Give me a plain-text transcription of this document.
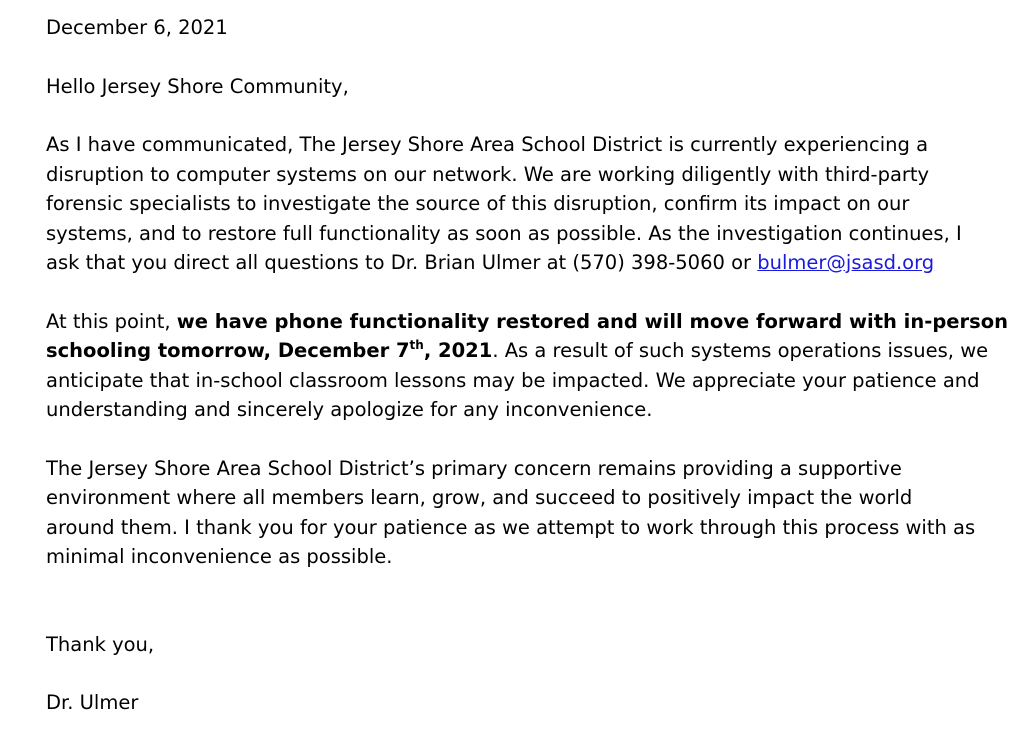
December 6, 2021
Hello Jersey Shore Community,
As I have communicated, The Jersey Shore Area School District is currently experiencing a
disruption to computer systems on our network. We are working diligently with third-party
forensic specialists to investigate the source of this disruption, confirm its impact on our
systems, and to restore full functionality as soon as possible. As the investigation continues, I
ask that you direct all questions to Dr. Brian Ulmer at (570) 398-5060 or bulmer@jsasd.org
At this point, we have phone functionality restored and will move forward with in-person
schooling tomorrow, December 7th, 2021. As a result of such systems operations issues, we
anticipate that in-school classroom lessons may be impacted. We appreciate your patience and
understanding and sincerely apologize for any inconvenience.
The Jersey Shore Area School District’s primary concern remains providing a supportive
environment where all members learn, grow, and succeed to positively impact the world
around them. I thank you for your patience as we attempt to work through this process with as
minimal inconvenience as possible.
Thank you,
Dr. Ulmer
